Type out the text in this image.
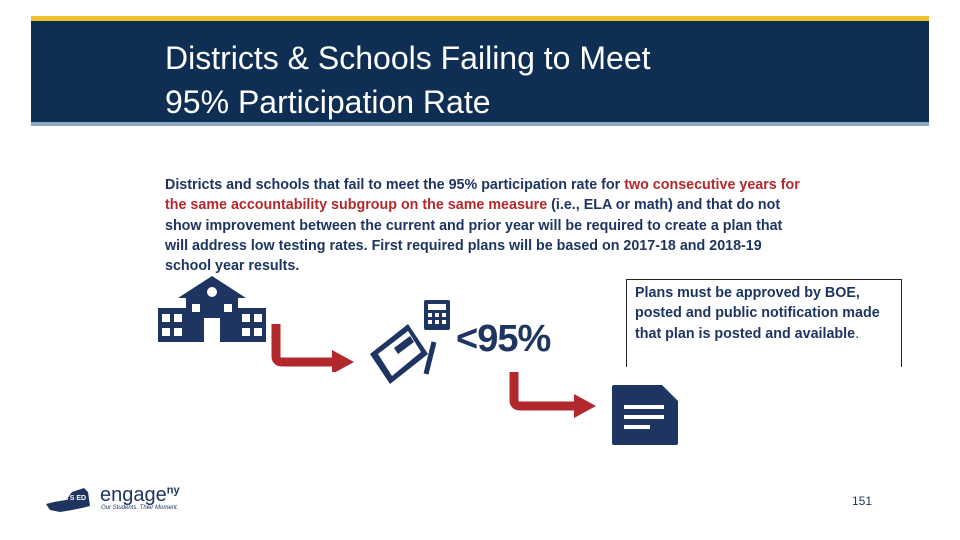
Districts & Schools Failing to Meet
95% Participation Rate
Districts and schools that fail to meet the 95% participation rate for two consecutive years for the same accountability subgroup on the same measure (i.e., ELA or math) and that do not show improvement between the current and prior year will be required to create a plan that will address low testing rates. First required plans will be based on 2017-18 and 2018-19 school year results.
Plans must be approved by BOE, posted and public notification made that plan is posted and available.
<95%
NYS ED engage$^{ny}$
Our Students. Their Moment.	151
